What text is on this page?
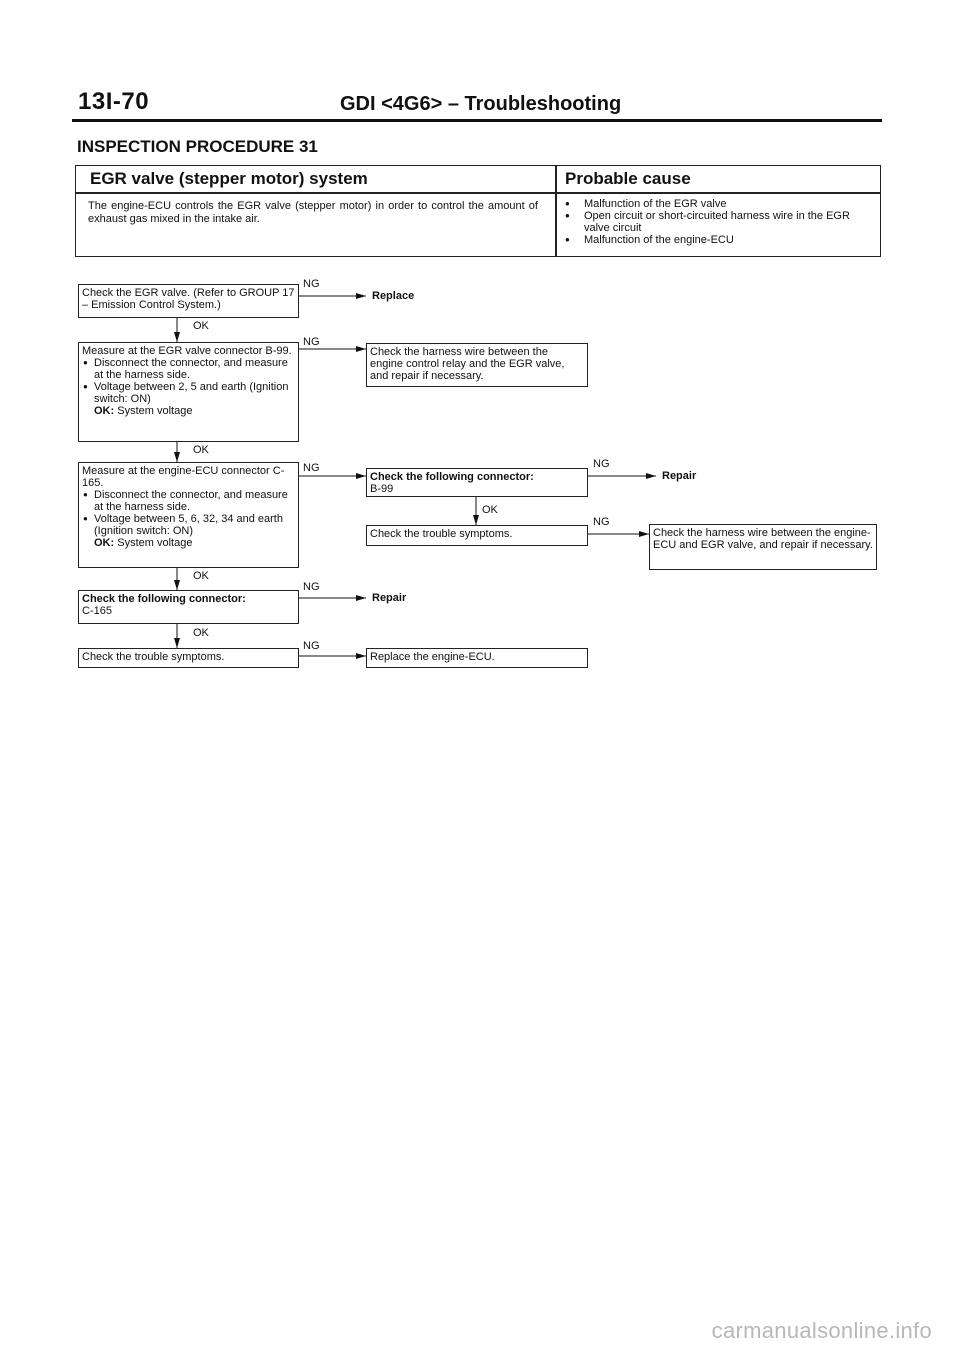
13I-70	GDI <4G6> – Troubleshooting
INSPECTION PROCEDURE 31
EGR valve (stepper motor) system	Probable cause
The engine-ECU controls the EGR valve (stepper motor) in order to control the amount of exhaust gas mixed in the intake air.
● Malfunction of the EGR valve
● Open circuit or short-circuited harness wire in the EGR valve circuit
● Malfunction of the engine-ECU
Check the EGR valve. (Refer to GROUP 17 – Emission Control System.)
NG
Replace
OK
Measure at the EGR valve connector B-99.
● Disconnect the connector, and measure at the harness side.
● Voltage between 2, 5 and earth (Ignition switch: ON)
OK: System voltage
NG
Check the harness wire between the engine control relay and the EGR valve, and repair if necessary.
OK
Measure at the engine-ECU connector C-165.
● Disconnect the connector, and measure at the harness side.
● Voltage between 5, 6, 32, 34 and earth (Ignition switch: ON)
OK: System voltage
NG
Check the following connector:
B-99
NG
Repair
OK
Check the trouble symptoms.
NG
Check the harness wire between the engine-ECU and EGR valve, and repair if necessary.
OK
Check the following connector:
C-165
NG
Repair
OK
Check the trouble symptoms.
NG
Replace the engine-ECU.
carmanualsonline.info
